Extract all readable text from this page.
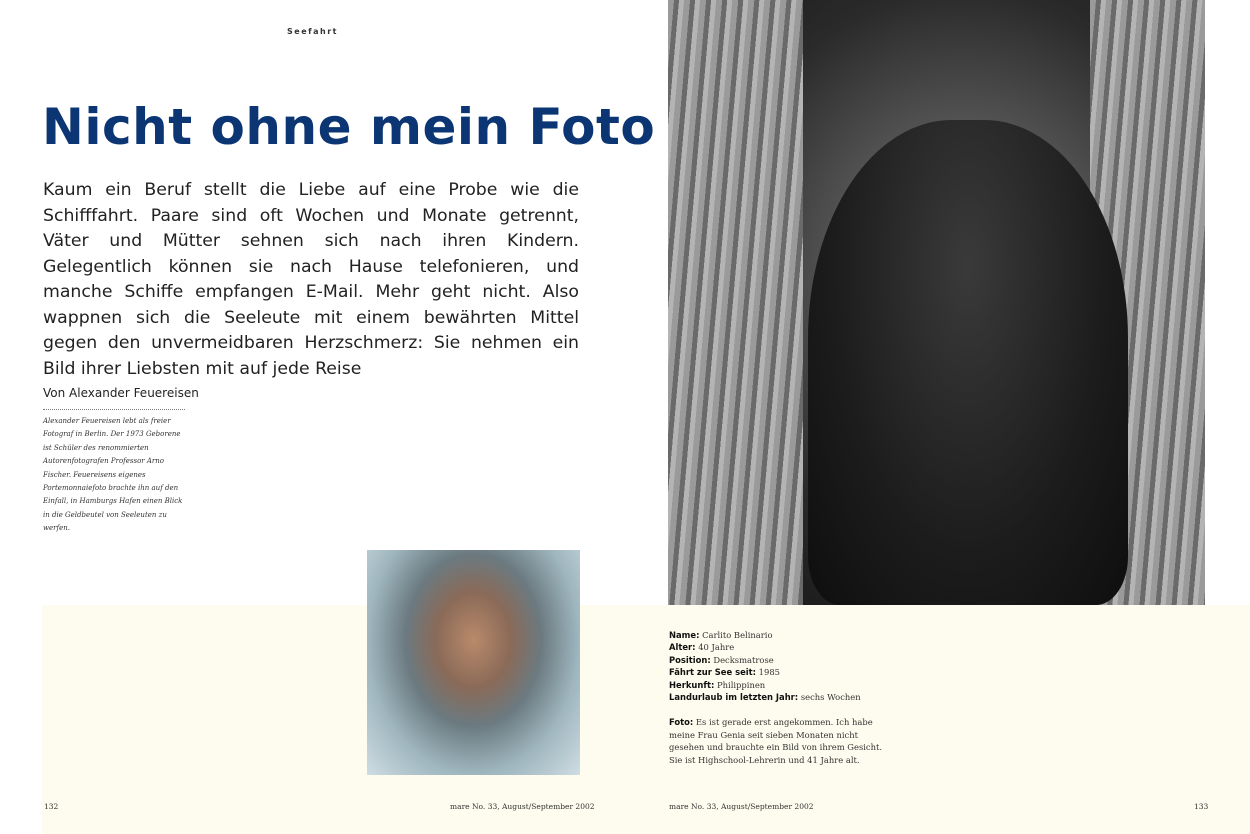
Seefahrt
Nicht ohne mein Foto

Kaum ein Beruf stellt die Liebe auf eine Probe wie die Schifffahrt. Paare sind oft Wochen und Monate getrennt, Väter und Mütter sehnen sich nach ihren Kindern. Gelegentlich können sie nach Hause telefonieren, und manche Schiffe empfangen E-Mail. Mehr geht nicht. Also wappnen sich die Seeleute mit einem bewährten Mittel gegen den unvermeidbaren Herzschmerz: Sie nehmen ein Bild ihrer Liebsten mit auf jede Reise

Von Alexander Feuereisen

Alexander Feuereisen lebt als freier Fotograf in Berlin. Der 1973 Geborene ist Schüler des renommierten Autorenfotografen Professor Arno Fischer. Feuereisens eigenes Portemonnaiefoto brachte ihn auf den Einfall, in Hamburgs Hafen einen Blick in die Geldbeutel von Seeleuten zu werfen.

Name: Carlito Belinario
Alter: 40 Jahre
Position: Decksmatrose
Fährt zur See seit: 1985
Herkunft: Philippinen
Landurlaub im letzten Jahr: sechs Wochen
Foto: Es ist gerade erst angekommen. Ich habe meine Frau Genia seit sieben Monaten nicht gesehen und brauchte ein Bild von ihrem Gesicht. Sie ist Highschool-Lehrerin und 41 Jahre alt.
132	mare No. 33, August/September 2002	mare No. 33, August/September 2002	133
